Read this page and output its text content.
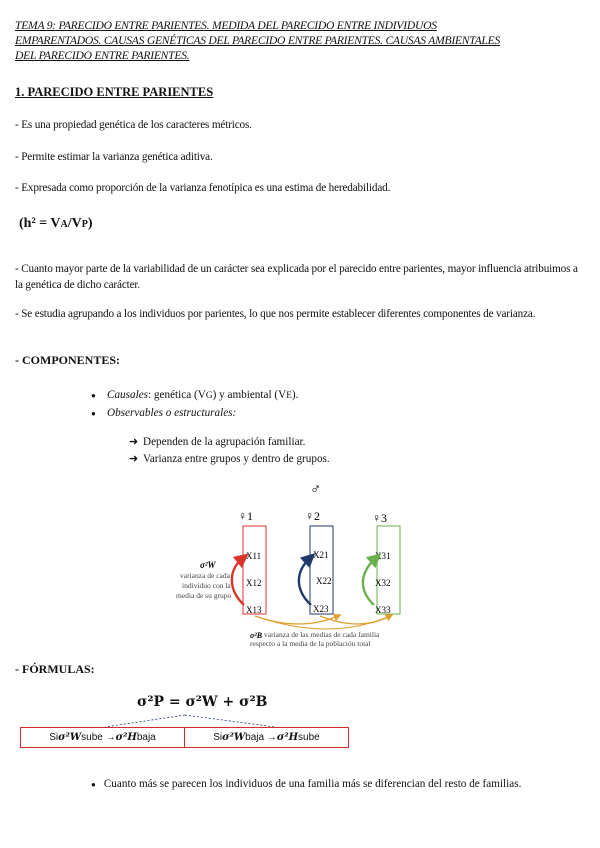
TEMA 9: PARECIDO ENTRE PARIENTES. MEDIDA DEL PARECIDO ENTRE INDIVIDUOS
EMPARENTADOS. CAUSAS GENÉTICAS DEL PARECIDO ENTRE PARIENTES. CAUSAS AMBIENTALES
DEL PARECIDO ENTRE PARIENTES.
1. PARECIDO ENTRE PARIENTES
- Es una propiedad genética de los caracteres métricos.
- Permite estimar la varianza genética aditiva.
- Expresada como proporción de la varianza fenotípica es una estima de heredabilidad.
(h² = VA/VP)
- Cuanto mayor parte de la variabilidad de un carácter sea explicada por el parecido entre parientes, mayor influencia atribuimos a la genética de dicho carácter.
- Se estudia agrupando a los individuos por parientes, lo que nos permite establecer diferentes componentes de varianza.
- COMPONENTES:
● Causales: genética (VG) y ambiental (VE).
● Observables o estructurales:
➜ Dependen de la agrupación familiar.
➜ Varianza entre grupos y dentro de grupos.
♂
♀1	♀2	♀3
X11
X12
X13
X21
X22
X23
X31
X32
X33
σ²W
varianza de cada
individuo con la
media de su grupo
σ²B varianza de las medias de cada familia
respecto a la media de la población total
- FÓRMULAS:
σ²P = σ²W + σ²B
Si σ²W sube → σ²H baja	Si σ²W baja → σ²H sube
● Cuanto más se parecen los individuos de una familia más se diferencian del resto de familias.
